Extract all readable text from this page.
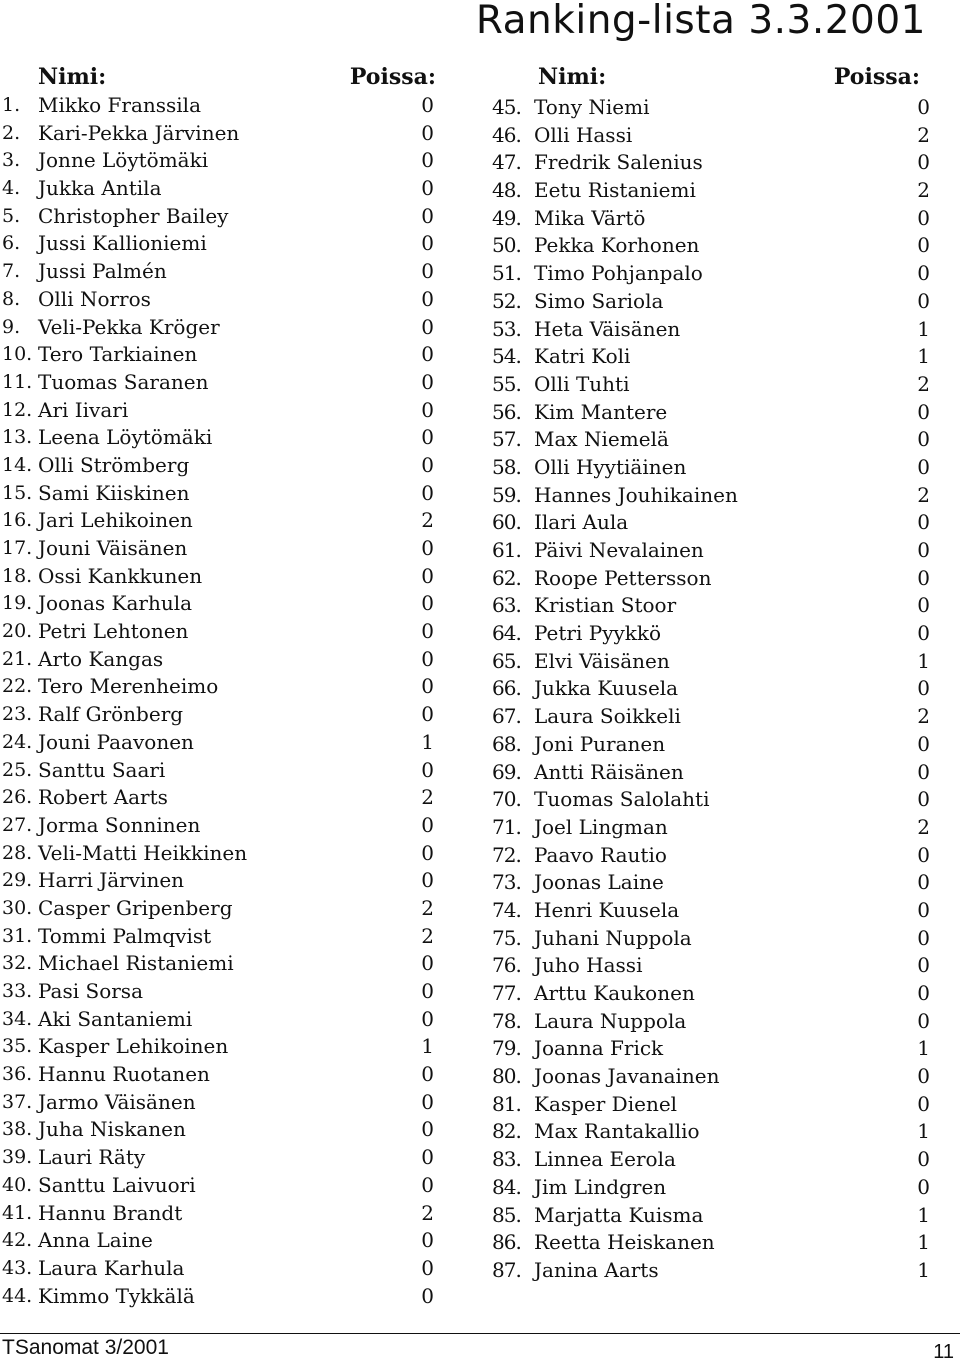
Ranking-lista 3.3.2001
Nimi:	Poissa:
1. Mikko Franssila	0
2. Kari-Pekka Järvinen	0
3. Jonne Löytömäki	0
4. Jukka Antila	0
5. Christopher Bailey	0
6. Jussi Kallioniemi	0
7. Jussi Palmén	0
8. Olli Norros	0
9. Veli-Pekka Kröger	0
10. Tero Tarkiainen	0
11. Tuomas Saranen	0
12. Ari Iivari	0
13. Leena Löytömäki	0
14. Olli Strömberg	0
15. Sami Kiiskinen	0
16. Jari Lehikoinen	2
17. Jouni Väisänen	0
18. Ossi Kankkunen	0
19. Joonas Karhula	0
20. Petri Lehtonen	0
21. Arto Kangas	0
22. Tero Merenheimo	0
23. Ralf Grönberg	0
24. Jouni Paavonen	1
25. Santtu Saari	0
26. Robert Aarts	2
27. Jorma Sonninen	0
28. Veli-Matti Heikkinen	0
29. Harri Järvinen	0
30. Casper Gripenberg	2
31. Tommi Palmqvist	2
32. Michael Ristaniemi	0
33. Pasi Sorsa	0
34. Aki Santaniemi	0
35. Kasper Lehikoinen	1
36. Hannu Ruotanen	0
37. Jarmo Väisänen	0
38. Juha Niskanen	0
39. Lauri Räty	0
40. Santtu Laivuori	0
41. Hannu Brandt	2
42. Anna Laine	0
43. Laura Karhula	0
44. Kimmo Tykkälä	0
Nimi:	Poissa:
45. Tony Niemi	0
46. Olli Hassi	2
47. Fredrik Salenius	0
48. Eetu Ristaniemi	2
49. Mika Värtö	0
50. Pekka Korhonen	0
51. Timo Pohjanpalo	0
52. Simo Sariola	0
53. Heta Väisänen	1
54. Katri Koli	1
55. Olli Tuhti	2
56. Kim Mantere	0
57. Max Niemelä	0
58. Olli Hyytiäinen	0
59. Hannes Jouhikainen	2
60. Ilari Aula	0
61. Päivi Nevalainen	0
62. Roope Pettersson	0
63. Kristian Stoor	0
64. Petri Pyykkö	0
65. Elvi Väisänen	1
66. Jukka Kuusela	0
67. Laura Soikkeli	2
68. Joni Puranen	0
69. Antti Räisänen	0
70. Tuomas Salolahti	0
71. Joel Lingman	2
72. Paavo Rautio	0
73. Joonas Laine	0
74. Henri Kuusela	0
75. Juhani Nuppola	0
76. Juho Hassi	0
77. Arttu Kaukonen	0
78. Laura Nuppola	0
79. Joanna Frick	1
80. Joonas Javanainen	0
81. Kasper Dienel	0
82. Max Rantakallio	1
83. Linnea Eerola	0
84. Jim Lindgren	0
85. Marjatta Kuisma	1
86. Reetta Heiskanen	1
87. Janina Aarts	1
TSanomat 3/2001	11
